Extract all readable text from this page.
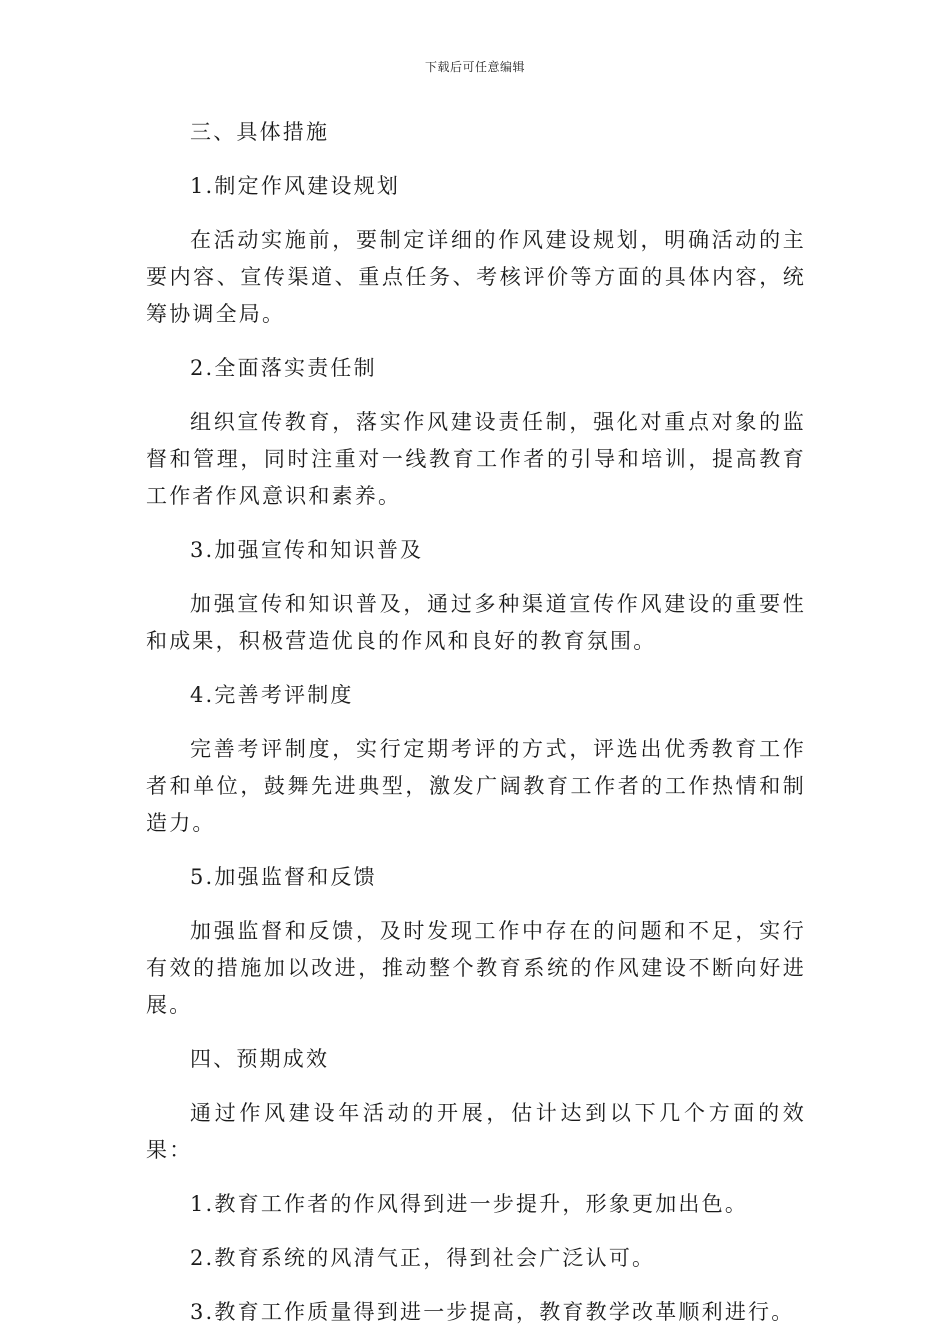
下载后可任意编辑

三、具体措施

1.制定作风建设规划

在活动实施前，要制定详细的作风建设规划，明确活动的主要内容、宣传渠道、重点任务、考核评价等方面的具体内容，统筹协调全局。

2.全面落实责任制

组织宣传教育，落实作风建设责任制，强化对重点对象的监督和管理，同时注重对一线教育工作者的引导和培训，提高教育工作者作风意识和素养。

3.加强宣传和知识普及

加强宣传和知识普及，通过多种渠道宣传作风建设的重要性和成果，积极营造优良的作风和良好的教育氛围。

4.完善考评制度

完善考评制度，实行定期考评的方式，评选出优秀教育工作者和单位，鼓舞先进典型，激发广阔教育工作者的工作热情和制造力。

5.加强监督和反馈

加强监督和反馈，及时发现工作中存在的问题和不足，实行有效的措施加以改进，推动整个教育系统的作风建设不断向好进展。

四、预期成效

通过作风建设年活动的开展，估计达到以下几个方面的效果：

1.教育工作者的作风得到进一步提升，形象更加出色。

2.教育系统的风清气正，得到社会广泛认可。

3.教育工作质量得到进一步提高，教育教学改革顺利进行。
